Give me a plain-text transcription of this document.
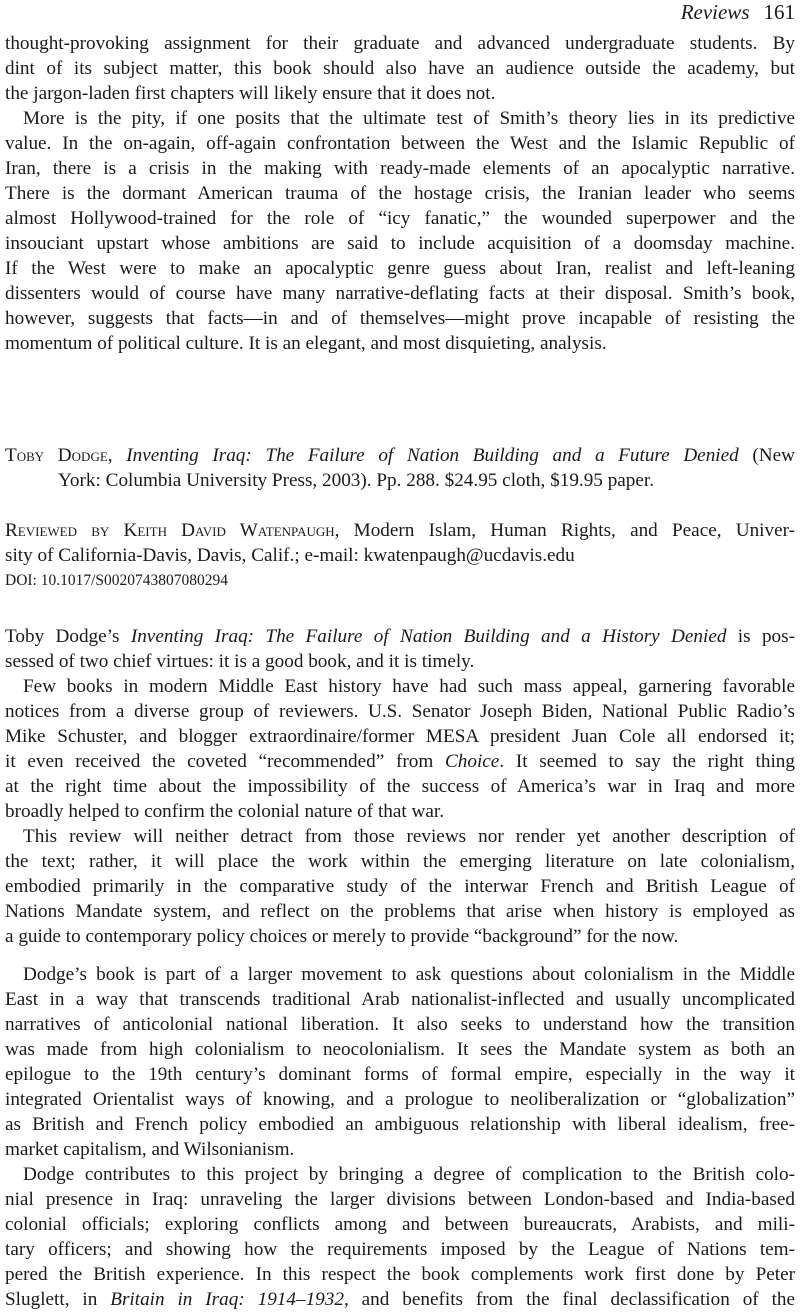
Reviews 161
thought-provoking assignment for their graduate and advanced undergraduate students. By
dint of its subject matter, this book should also have an audience outside the academy, but
the jargon-laden first chapters will likely ensure that it does not.
More is the pity, if one posits that the ultimate test of Smith’s theory lies in its predictive
value. In the on-again, off-again confrontation between the West and the Islamic Republic of
Iran, there is a crisis in the making with ready-made elements of an apocalyptic narrative.
There is the dormant American trauma of the hostage crisis, the Iranian leader who seems
almost Hollywood-trained for the role of “icy fanatic,” the wounded superpower and the
insouciant upstart whose ambitions are said to include acquisition of a doomsday machine.
If the West were to make an apocalyptic genre guess about Iran, realist and left-leaning
dissenters would of course have many narrative-deflating facts at their disposal. Smith’s book,
however, suggests that facts—in and of themselves—might prove incapable of resisting the
momentum of political culture. It is an elegant, and most disquieting, analysis.
Toby Dodge, Inventing Iraq: The Failure of Nation Building and a Future Denied (New
York: Columbia University Press, 2003). Pp. 288. $24.95 cloth, $19.95 paper.
Reviewed by Keith David Watenpaugh, Modern Islam, Human Rights, and Peace, Univer-
sity of California-Davis, Davis, Calif.; e-mail: kwatenpaugh@ucdavis.edu
DOI: 10.1017/S0020743807080294
Toby Dodge’s Inventing Iraq: The Failure of Nation Building and a History Denied is pos-
sessed of two chief virtues: it is a good book, and it is timely.
Few books in modern Middle East history have had such mass appeal, garnering favorable
notices from a diverse group of reviewers. U.S. Senator Joseph Biden, National Public Radio’s
Mike Schuster, and blogger extraordinaire/former MESA president Juan Cole all endorsed it;
it even received the coveted “recommended” from Choice. It seemed to say the right thing
at the right time about the impossibility of the success of America’s war in Iraq and more
broadly helped to confirm the colonial nature of that war.
This review will neither detract from those reviews nor render yet another description of
the text; rather, it will place the work within the emerging literature on late colonialism,
embodied primarily in the comparative study of the interwar French and British League of
Nations Mandate system, and reflect on the problems that arise when history is employed as
a guide to contemporary policy choices or merely to provide “background” for the now.
Dodge’s book is part of a larger movement to ask questions about colonialism in the Middle
East in a way that transcends traditional Arab nationalist-inflected and usually uncomplicated
narratives of anticolonial national liberation. It also seeks to understand how the transition
was made from high colonialism to neocolonialism. It sees the Mandate system as both an
epilogue to the 19th century’s dominant forms of formal empire, especially in the way it
integrated Orientalist ways of knowing, and a prologue to neoliberalization or “globalization”
as British and French policy embodied an ambiguous relationship with liberal idealism, free-
market capitalism, and Wilsonianism.
Dodge contributes to this project by bringing a degree of complication to the British colo-
nial presence in Iraq: unraveling the larger divisions between London-based and India-based
colonial officials; exploring conflicts among and between bureaucrats, Arabists, and mili-
tary officers; and showing how the requirements imposed by the League of Nations tem-
pered the British experience. In this respect the book complements work first done by Peter
Sluglett, in Britain in Iraq: 1914–1932, and benefits from the final declassification of the
